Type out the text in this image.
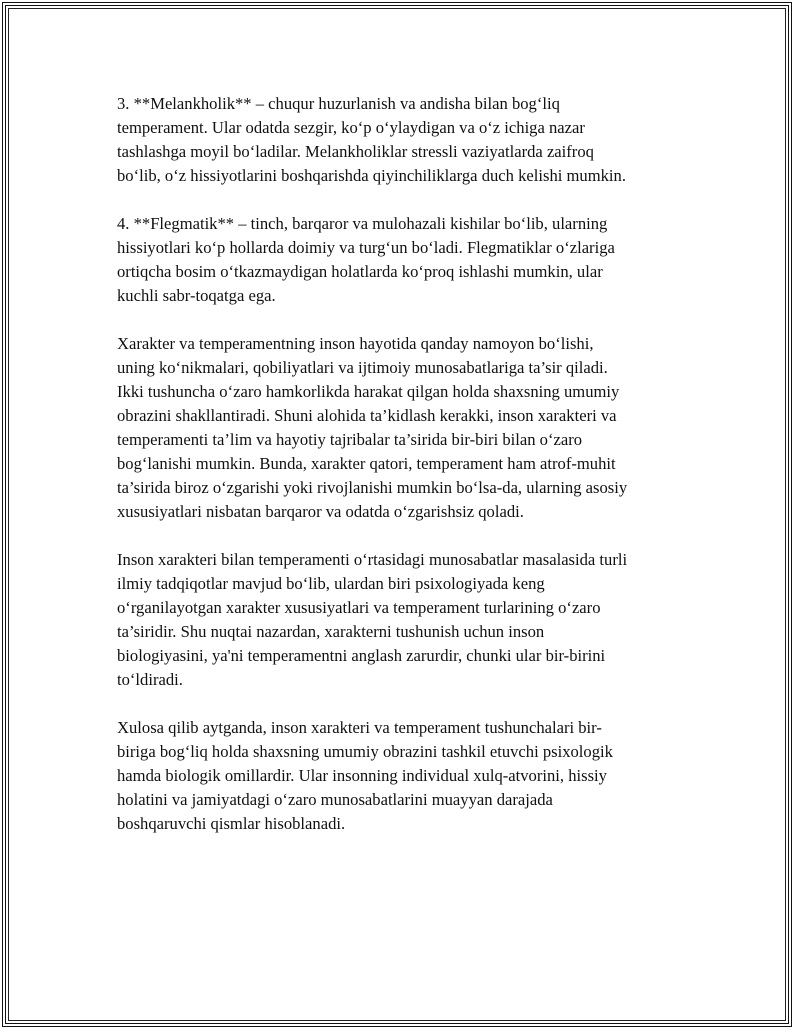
3. **Melankholik** – chuqur huzurlanish va andisha bilan bog‘liq
temperament. Ular odatda sezgir, ko‘p o‘ylaydigan va o‘z ichiga nazar
tashlashga moyil bo‘ladilar. Melankholiklar stressli vaziyatlarda zaifroq
bo‘lib, o‘z hissiyotlarini boshqarishda qiyinchiliklarga duch kelishi mumkin.

4. **Flegmatik** – tinch, barqaror va mulohazali kishilar bo‘lib, ularning
hissiyotlari ko‘p hollarda doimiy va turg‘un bo‘ladi. Flegmatiklar o‘zlariga
ortiqcha bosim o‘tkazmaydigan holatlarda ko‘proq ishlashi mumkin, ular
kuchli sabr-toqatga ega.

Xarakter va temperamentning inson hayotida qanday namoyon bo‘lishi,
uning ko‘nikmalari, qobiliyatlari va ijtimoiy munosabatlariga ta’sir qiladi.
Ikki tushuncha o‘zaro hamkorlikda harakat qilgan holda shaxsning umumiy
obrazini shakllantiradi. Shuni alohida ta’kidlash kerakki, inson xarakteri va
temperamenti ta’lim va hayotiy tajribalar ta’sirida bir-biri bilan o‘zaro
bog‘lanishi mumkin. Bunda, xarakter qatori, temperament ham atrof-muhit
ta’sirida biroz o‘zgarishi yoki rivojlanishi mumkin bo‘lsa-da, ularning asosiy
xususiyatlari nisbatan barqaror va odatda o‘zgarishsiz qoladi.

Inson xarakteri bilan temperamenti o‘rtasidagi munosabatlar masalasida turli
ilmiy tadqiqotlar mavjud bo‘lib, ulardan biri psixologiyada keng
o‘rganilayotgan xarakter xususiyatlari va temperament turlarining o‘zaro
ta’siridir. Shu nuqtai nazardan, xarakterni tushunish uchun inson
biologiyasini, ya'ni temperamentni anglash zarurdir, chunki ular bir-birini
to‘ldiradi.

Xulosa qilib aytganda, inson xarakteri va temperament tushunchalari bir-
biriga bog‘liq holda shaxsning umumiy obrazini tashkil etuvchi psixologik
hamda biologik omillardir. Ular insonning individual xulq-atvorini, hissiy
holatini va jamiyatdagi o‘zaro munosabatlarini muayyan darajada
boshqaruvchi qismlar hisoblanadi.
